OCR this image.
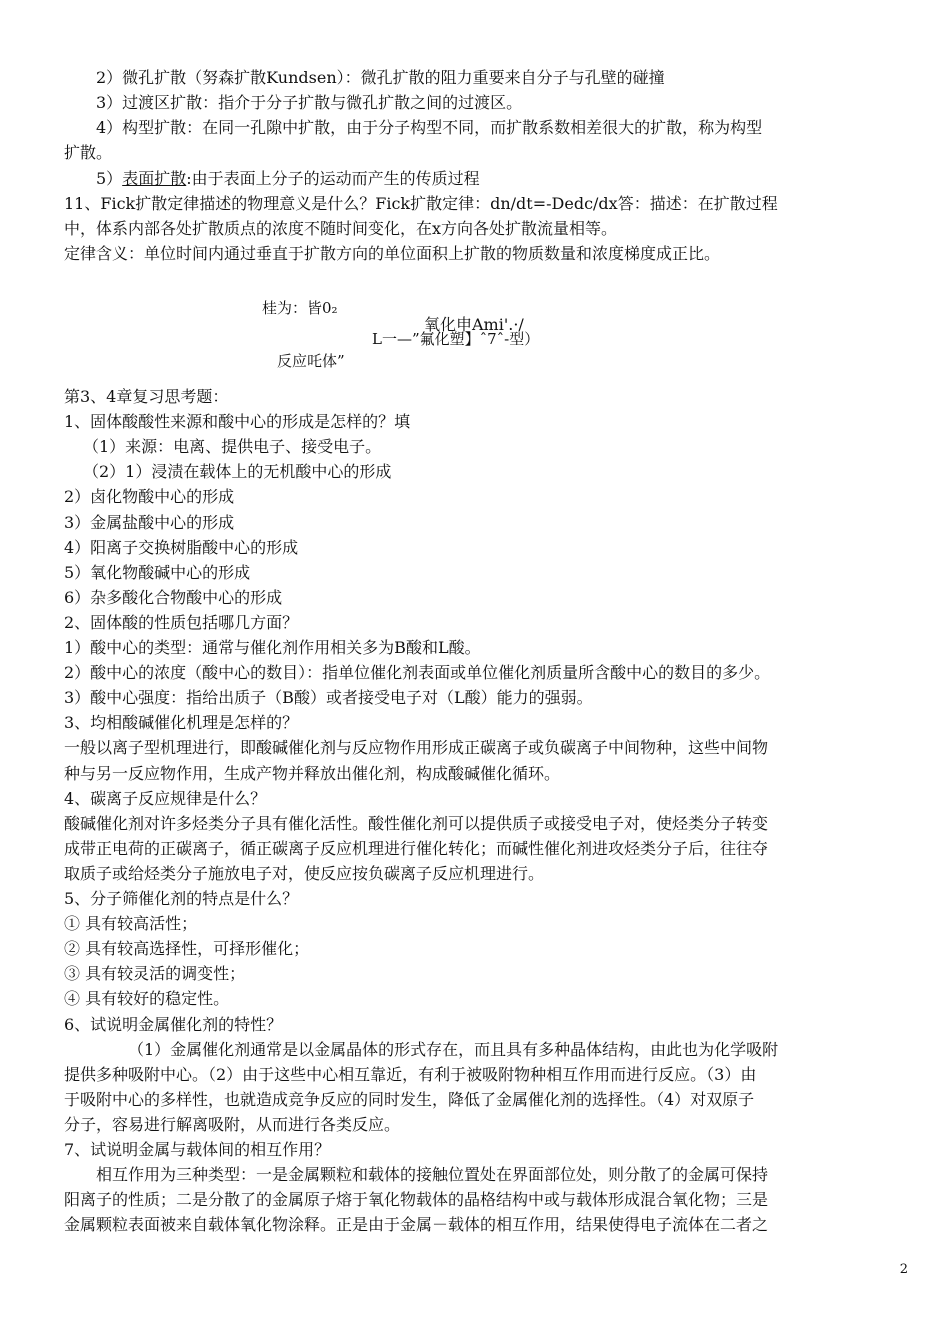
2）微孔扩散（努森扩散Kundsen）：微孔扩散的阻力重要来自分子与孔壁的碰撞
3）过渡区扩散：指介于分子扩散与微孔扩散之间的过渡区。
4）构型扩散：在同一孔隙中扩散，由于分子构型不同，而扩散系数相差很大的扩散，称为构型
扩散。
5）表面扩散:由于表面上分子的运动而产生的传质过程
11、Fick扩散定律描述的物理意义是什么？Fick扩散定律：dn/dt=-Dedc/dx答：描述：在扩散过程
中，体系内部各处扩散质点的浓度不随时间变化，在x方向各处扩散流量相等。
定律含义：单位时间内通过垂直于扩散方向的单位面积上扩散的物质数量和浓度梯度成正比。
桂为：皆0₂
氧化申Ami'.·/
L一—”氟化塑】ˆ7ˆ-型）
反应吒体”
第3、4章复习思考题：
1、固体酸酸性来源和酸中心的形成是怎样的？填
（1）来源：电离、提供电子、接受电子。
（2）1）浸渍在载体上的无机酸中心的形成
2）卤化物酸中心的形成
3）金属盐酸中心的形成
4）阳离子交换树脂酸中心的形成
5）氧化物酸碱中心的形成
6）杂多酸化合物酸中心的形成
2、固体酸的性质包括哪几方面？
1）酸中心的类型：通常与催化剂作用相关多为B酸和L酸。
2）酸中心的浓度（酸中心的数目）：指单位催化剂表面或单位催化剂质量所含酸中心的数目的多少。
3）酸中心强度：指给出质子（B酸）或者接受电子对（L酸）能力的强弱。
3、均相酸碱催化机理是怎样的？
一般以离子型机理进行，即酸碱催化剂与反应物作用形成正碳离子或负碳离子中间物种，这些中间物
种与另一反应物作用，生成产物并释放出催化剂，构成酸碱催化循环。
4、碳离子反应规律是什么？
酸碱催化剂对许多烃类分子具有催化活性。酸性催化剂可以提供质子或接受电子对，使烃类分子转变
成带正电荷的正碳离子，循正碳离子反应机理进行催化转化；而碱性催化剂进攻烃类分子后，往往夺
取质子或给烃类分子施放电子对，使反应按负碳离子反应机理进行。
5、分子筛催化剂的特点是什么？
① 具有较高活性；
② 具有较高选择性，可择形催化；
③ 具有较灵活的调变性；
④ 具有较好的稳定性。
6、试说明金属催化剂的特性？
（1）金属催化剂通常是以金属晶体的形式存在，而且具有多种晶体结构，由此也为化学吸附
提供多种吸附中心。（2）由于这些中心相互靠近，有利于被吸附物种相互作用而进行反应。（3）由
于吸附中心的多样性，也就造成竞争反应的同时发生，降低了金属催化剂的选择性。（4）对双原子
分子，容易进行解离吸附，从而进行各类反应。
7、试说明金属与载体间的相互作用？
相互作用为三种类型：一是金属颗粒和载体的接触位置处在界面部位处，则分散了的金属可保持
阳离子的性质；二是分散了的金属原子熔于氧化物载体的晶格结构中或与载体形成混合氧化物；三是
金属颗粒表面被来自载体氧化物涂释。正是由于金属－载体的相互作用，结果使得电子流体在二者之
2
